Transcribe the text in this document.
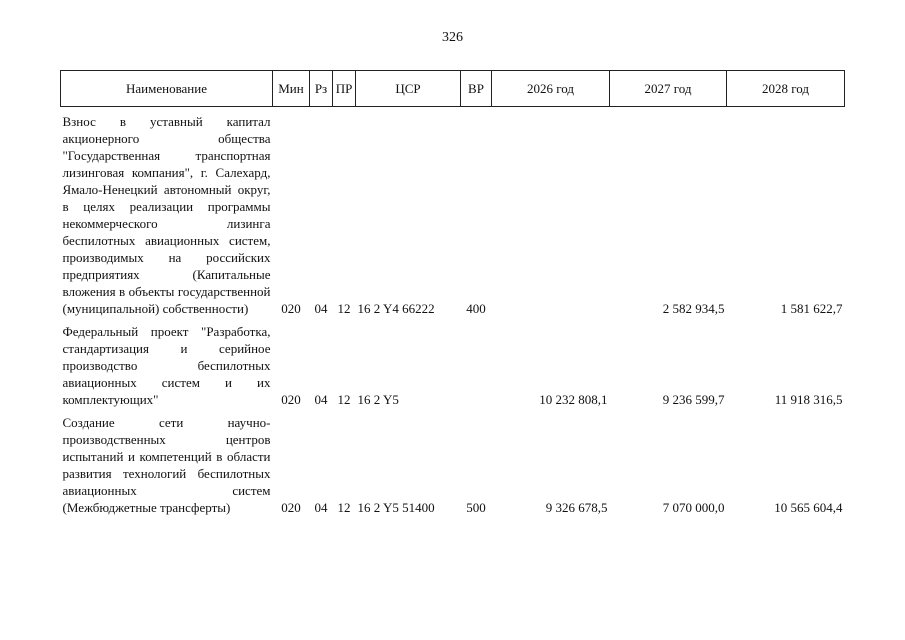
326
Наименование	Мин	Рз	ПР	ЦСР	ВР	2026 год	2027 год	2028 год

Взнос в уставный капитал акционерного общества "Государственная транспортная лизинговая компания", г. Салехард, Ямало-Ненецкий автономный округ, в целях реализации программы некоммерческого лизинга беспилотных авиационных систем, производимых на российских предприятиях (Капитальные вложения в объекты государственной (муниципальной) собственности)	020	04	12	16 2 Y4 66222	400		2 582 934,5	1 581 622,7

Федеральный проект "Разработка, стандартизация и серийное производство беспилотных авиационных систем и их комплектующих"	020	04	12	16 2 Y5		10 232 808,1	9 236 599,7	11 918 316,5

Создание сети научно-производственных центров испытаний и компетенций в области развития технологий беспилотных авиационных систем (Межбюджетные трансферты)	020	04	12	16 2 Y5 51400	500	9 326 678,5	7 070 000,0	10 565 604,4
